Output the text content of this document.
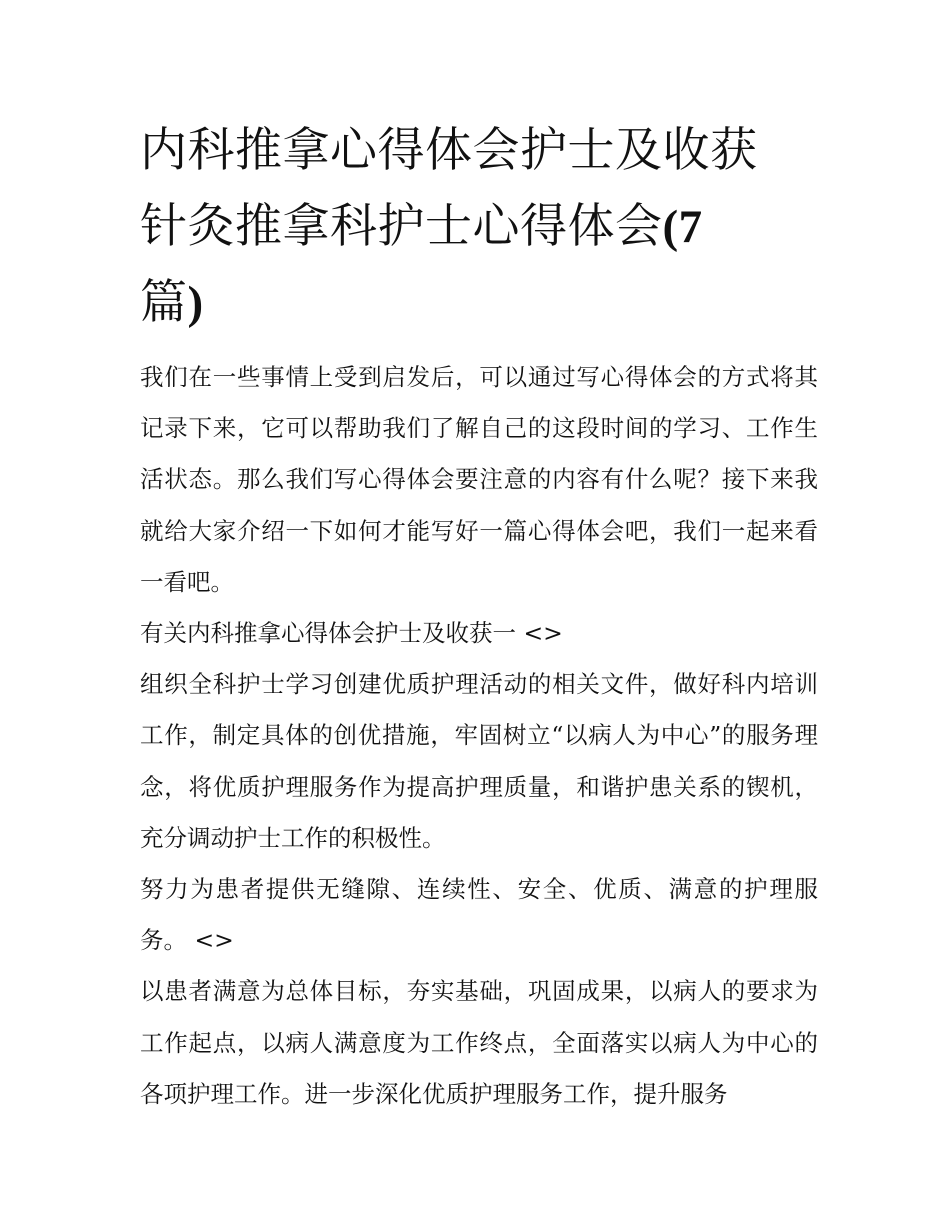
内科推拿心得体会护士及收获
针灸推拿科护士心得体会(7
篇)

我们在一些事情上受到启发后，可以通过写心得体会的方式将其记录下来，它可以帮助我们了解自己的这段时间的学习、工作生活状态。那么我们写心得体会要注意的内容有什么呢？接下来我就给大家介绍一下如何才能写好一篇心得体会吧，我们一起来看一看吧。

有关内科推拿心得体会护士及收获一 <>

组织全科护士学习创建优质护理活动的相关文件，做好科内培训工作，制定具体的创优措施，牢固树立“以病人为中心”的服务理念，将优质护理服务作为提高护理质量，和谐护患关系的锲机，充分调动护士工作的积极性。

努力为患者提供无缝隙、连续性、安全、优质、满意的护理服务。 <>

以患者满意为总体目标，夯实基础，巩固成果，以病人的要求为工作起点，以病人满意度为工作终点，全面落实以病人为中心的各项护理工作。进一步深化优质护理服务工作，提升服务
